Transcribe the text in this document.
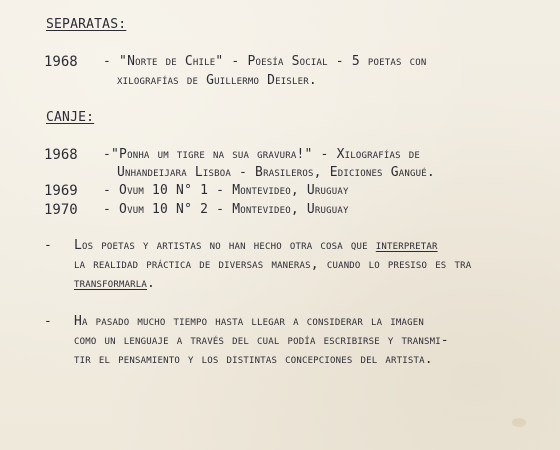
SEPARATAS:
1968 - "Norte de Chile" - Poesía Social - 5 poetas con
xilografías de Guillermo Deisler.
CANJE:
1968 -"Ponha um tigre na sua gravura!" - Xilografías de
Unhandeijara Lisboa - Brasileros, Ediciones Gangué.
1969 - Ovum 10 N° 1 - Montevideo, Uruguay
1970 - Ovum 10 N° 2 - Montevideo, Uruguay
- Los poetas y artistas no han hecho otra cosa que interpretar
la realidad práctica de diversas maneras, cuando lo presiso es tra
transformarla.
- Ha pasado mucho tiempo hasta llegar a considerar la imagen
como un lenguaje a través del cual podía escribirse y transmi-
tir el pensamiento y los distintas concepciones del artista.
